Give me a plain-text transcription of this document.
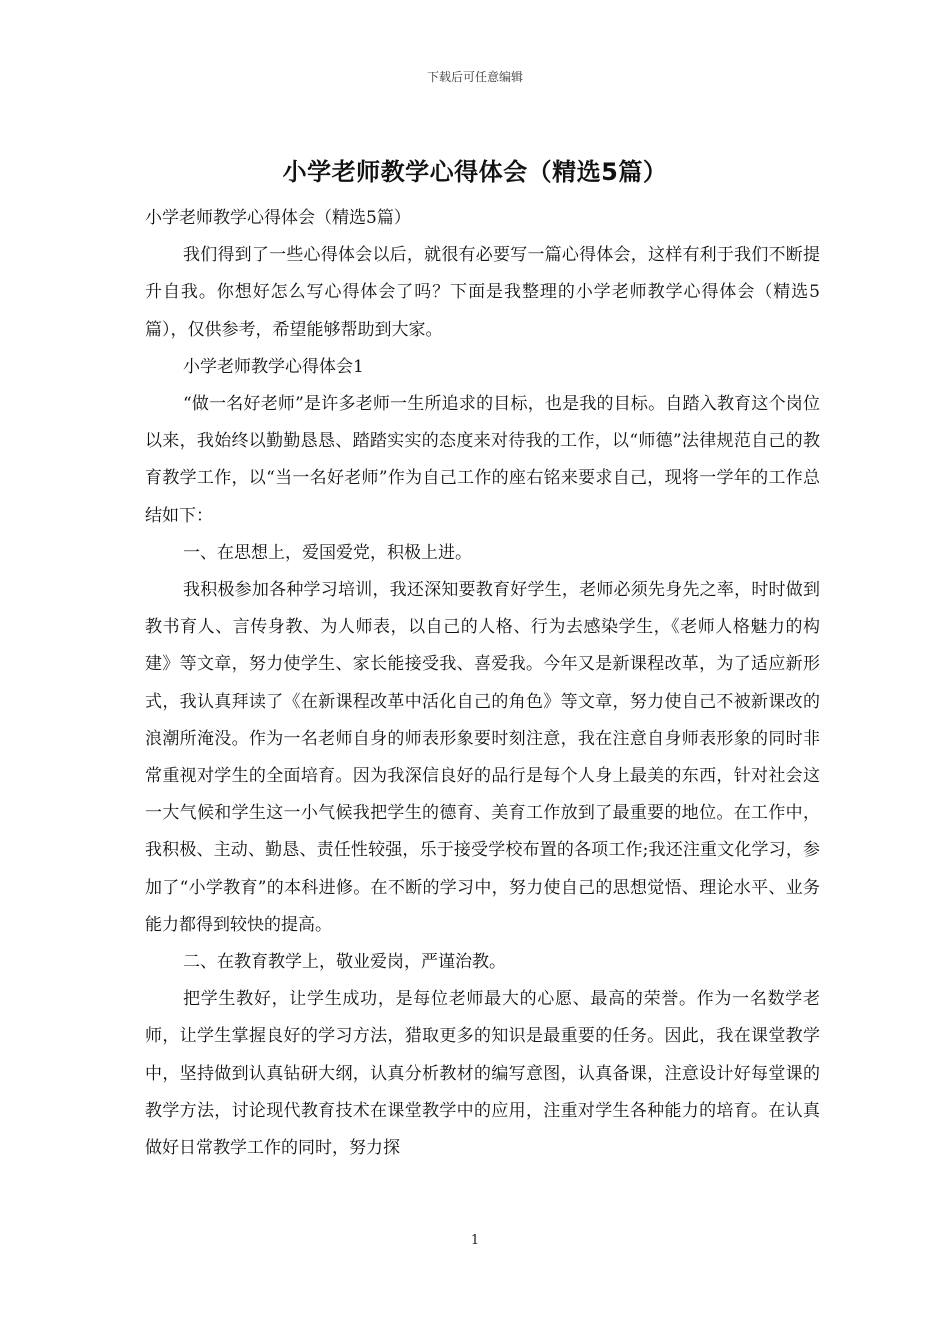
下载后可任意编辑
小学老师教学心得体会（精选5篇）

小学老师教学心得体会（精选5篇）

我们得到了一些心得体会以后，就很有必要写一篇心得体会，这样有利于我们不断提升自我。你想好怎么写心得体会了吗？下面是我整理的小学老师教学心得体会（精选5篇），仅供参考，希望能够帮助到大家。

小学老师教学心得体会1

“做一名好老师”是许多老师一生所追求的目标，也是我的目标。自踏入教育这个岗位以来，我始终以勤勤恳恳、踏踏实实的态度来对待我的工作，以“师德”法律规范自己的教育教学工作，以“当一名好老师”作为自己工作的座右铭来要求自己，现将一学年的工作总结如下：

一、在思想上，爱国爱党，积极上进。

我积极参加各种学习培训，我还深知要教育好学生，老师必须先身先之率，时时做到教书育人、言传身教、为人师表，以自己的人格、行为去感染学生，《老师人格魅力的构建》等文章，努力使学生、家长能接受我、喜爱我。今年又是新课程改革，为了适应新形式，我认真拜读了《在新课程改革中活化自己的角色》等文章，努力使自己不被新课改的浪潮所淹没。作为一名老师自身的师表形象要时刻注意，我在注意自身师表形象的同时非常重视对学生的全面培育。因为我深信良好的品行是每个人身上最美的东西，针对社会这一大气候和学生这一小气候我把学生的德育、美育工作放到了最重要的地位。在工作中，我积极、主动、勤恳、责任性较强，乐于接受学校布置的各项工作;我还注重文化学习，参加了“小学教育”的本科进修。在不断的学习中，努力使自己的思想觉悟、理论水平、业务能力都得到较快的提高。

二、在教育教学上，敬业爱岗，严谨治教。

把学生教好，让学生成功，是每位老师最大的心愿、最高的荣誉。作为一名数学老师，让学生掌握良好的学习方法，猎取更多的知识是最重要的任务。因此，我在课堂教学中，坚持做到认真钻研大纲，认真分析教材的编写意图，认真备课，注意设计好每堂课的教学方法，讨论现代教育技术在课堂教学中的应用，注重对学生各种能力的培育。在认真做好日常教学工作的同时，努力探

1
